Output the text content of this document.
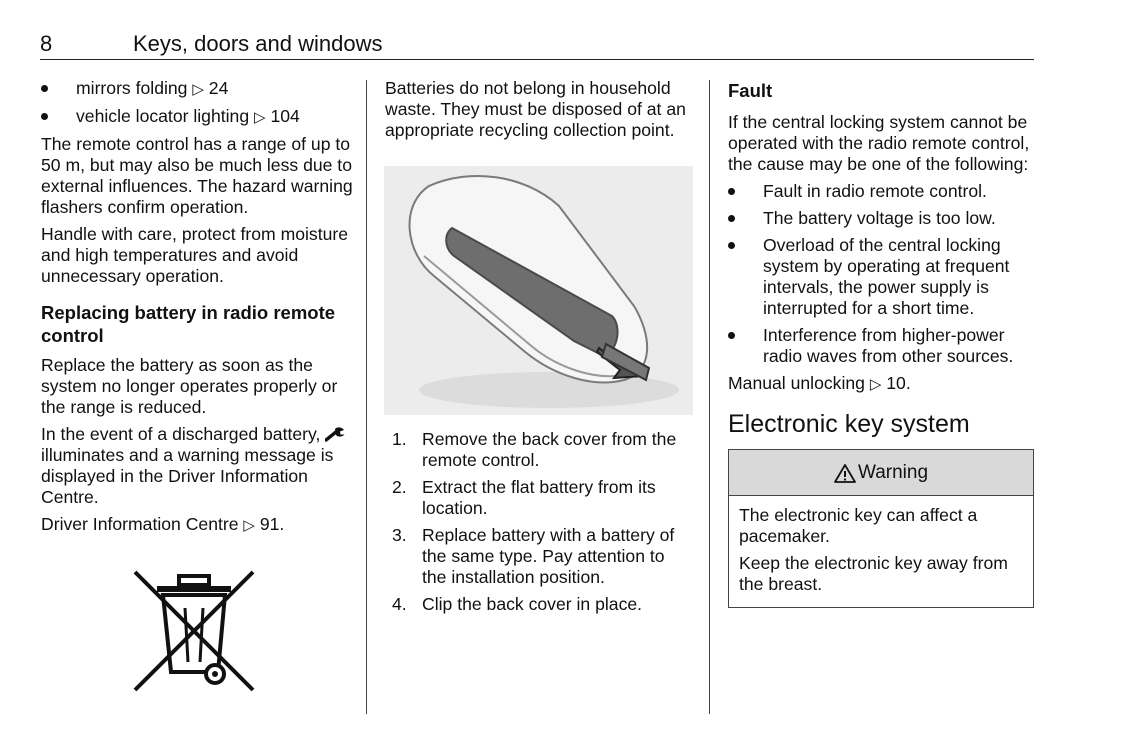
8	Keys, doors and windows
mirrors folding ▷ 24
vehicle locator lighting ▷ 104

The remote control has a range of up to 50 m, but may also be much less due to external influences. The hazard warning flashers confirm operation.

Handle with care, protect from moisture and high temperatures and avoid unnecessary operation.

Replacing battery in radio remote control

Replace the battery as soon as the system no longer operates properly or the range is reduced.

In the event of a discharged battery,  illuminates and a warning message is displayed in the Driver Information Centre.

Driver Information Centre ▷ 91.

Batteries do not belong in household waste. They must be disposed of at an appropriate recycling collection point.

1. Remove the back cover from the remote control.
2. Extract the flat battery from its location.
3. Replace battery with a battery of the same type. Pay attention to the installation position.
4. Clip the back cover in place.

Fault

If the central locking system cannot be operated with the radio remote control, the cause may be one of the following:

Fault in radio remote control.
The battery voltage is too low.
Overload of the central locking system by operating at frequent intervals, the power supply is interrupted for a short time.
Interference from higher-power radio waves from other sources.

Manual unlocking ▷ 10.

Electronic key system

Warning

The electronic key can affect a pacemaker.

Keep the electronic key away from the breast.
